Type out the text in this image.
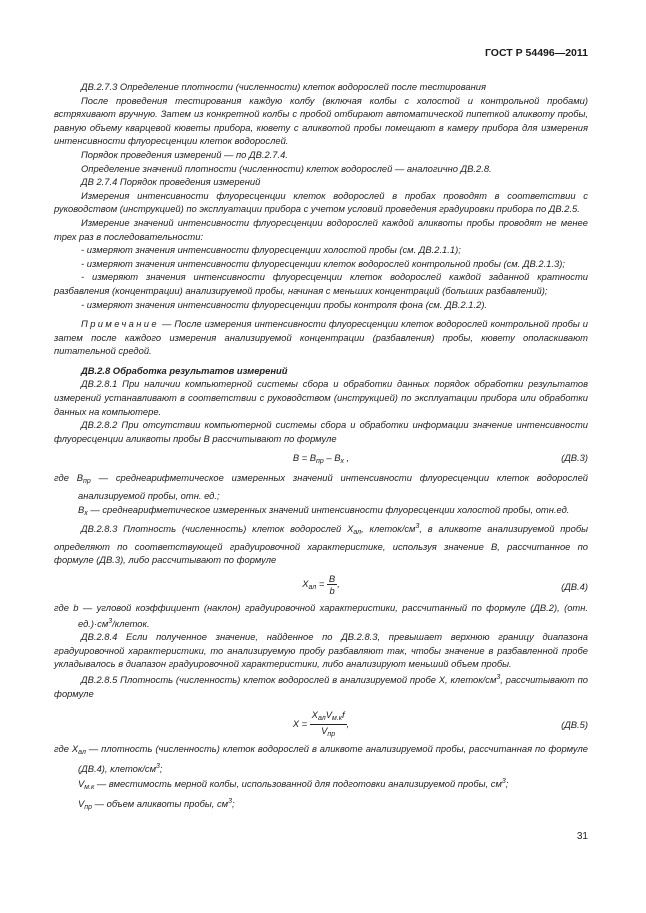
ГОСТ Р 54496—2011

ДВ.2.7.3 Определение плотности (численности) клеток водорослей после тестирования

После проведения тестирования каждую колбу (включая колбы с холостой и контрольной пробами) встряхивают вручную. Затем из конкретной колбы с пробой отбирают автоматической пипеткой аликвоту пробы, равную объему кварцевой кюветы прибора, кювету с аликвотой пробы помещают в камеру прибора для измерения интенсивности флуоресценции клеток водорослей.

Порядок проведения измерений — по ДВ.2.7.4.

Определение значений плотности (численности) клеток водорослей — аналогично ДВ.2.8.

ДВ 2.7.4 Порядок проведения измерений

Измерения интенсивности флуоресценции клеток водорослей в пробах проводят в соответствии с руководством (инструкцией) по эксплуатации прибора с учетом условий проведения градуировки прибора по ДВ.2.5.

Измерение значений интенсивности флуоресценции водорослей каждой аликвоты пробы проводят не менее трех раз в последовательности:

- измеряют значения интенсивности флуоресценции холостой пробы (см. ДВ.2.1.1);

- измеряют значения интенсивности флуоресценции клеток водорослей контрольной пробы (см. ДВ.2.1.3);

- измеряют значения интенсивности флуоресценции клеток водорослей каждой заданной кратности разбавления (концентрации) анализируемой пробы, начиная с меньших концентраций (больших разбавлений);

- измеряют значения интенсивности флуоресценции пробы контроля фона (см. ДВ.2.1.2).

Примечание — После измерения интенсивности флуоресценции клеток водорослей контрольной пробы и затем после каждого измерения анализируемой концентрации (разбавления) пробы, кювету ополаскивают питательной средой.

ДВ.2.8 Обработка результатов измерений

ДВ.2.8.1 При наличии компьютерной системы сбора и обработки данных порядок обработки результатов измерений устанавливают в соответствии с руководством (инструкцией) по эксплуатации прибора или обработки данных на компьютере.

ДВ.2.8.2 При отсутствии компьютерной системы сбора и обработки информации значение интенсивности флуоресценции аликвоты пробы B рассчитывают по формуле

$B = B_{пр} - B_х$ ,	(ДВ.3)

где $B_{пр}$ — среднеарифметическое измеренных значений интенсивности флуоресценции клеток водорослей анализируемой пробы, отн. ед.;

$B_х$ — среднеарифметическое измеренных значений интенсивности флуоресценции холостой пробы, отн.ед.

ДВ.2.8.3 Плотность (численность) клеток водорослей $X_{ал}$, клеток/$см^3$, в аликвоте анализируемой пробы определяют по соответствующей градуировочной характеристике, используя значение B, рассчитанное по формуле (ДВ.3), либо рассчитывают по формуле

$X_{ал} = \frac{B}{b}$ ,	(ДВ.4)

где b — угловой коэффициент (наклон) градуировочной характеристики, рассчитанный по формуле (ДВ.2), (отн. $ед.)\cdot см^3$/клеток.

ДВ.2.8.4 Если полученное значение, найденное по ДВ.2.8.3, превышает верхнюю границу диапазона градуировочной характеристики, то анализируемую пробу разбавляют так, чтобы значение в разбавленной пробе укладывалось в диапазон градуировочной характеристики, либо анализируют меньший объем пробы.

ДВ.2.8.5 Плотность (численность) клеток водорослей в анализируемой пробе X, клеток/$см^3$, рассчитывают по формуле

$X = \frac{X_{ал}V_{м.к}f}{V_{пр}}$ ,	(ДВ.5)

где $X_{ал}$ — плотность (численность) клеток водорослей в аликвоте анализируемой пробы, рассчитанная по формуле (ДВ.4), клеток/$см^3$;

$V_{м.к}$ — вместимость мерной колбы, использованной для подготовки анализируемой пробы, $см^3$;

$V_{пр}$ — объем аликвоты пробы, $см^3$;

31
